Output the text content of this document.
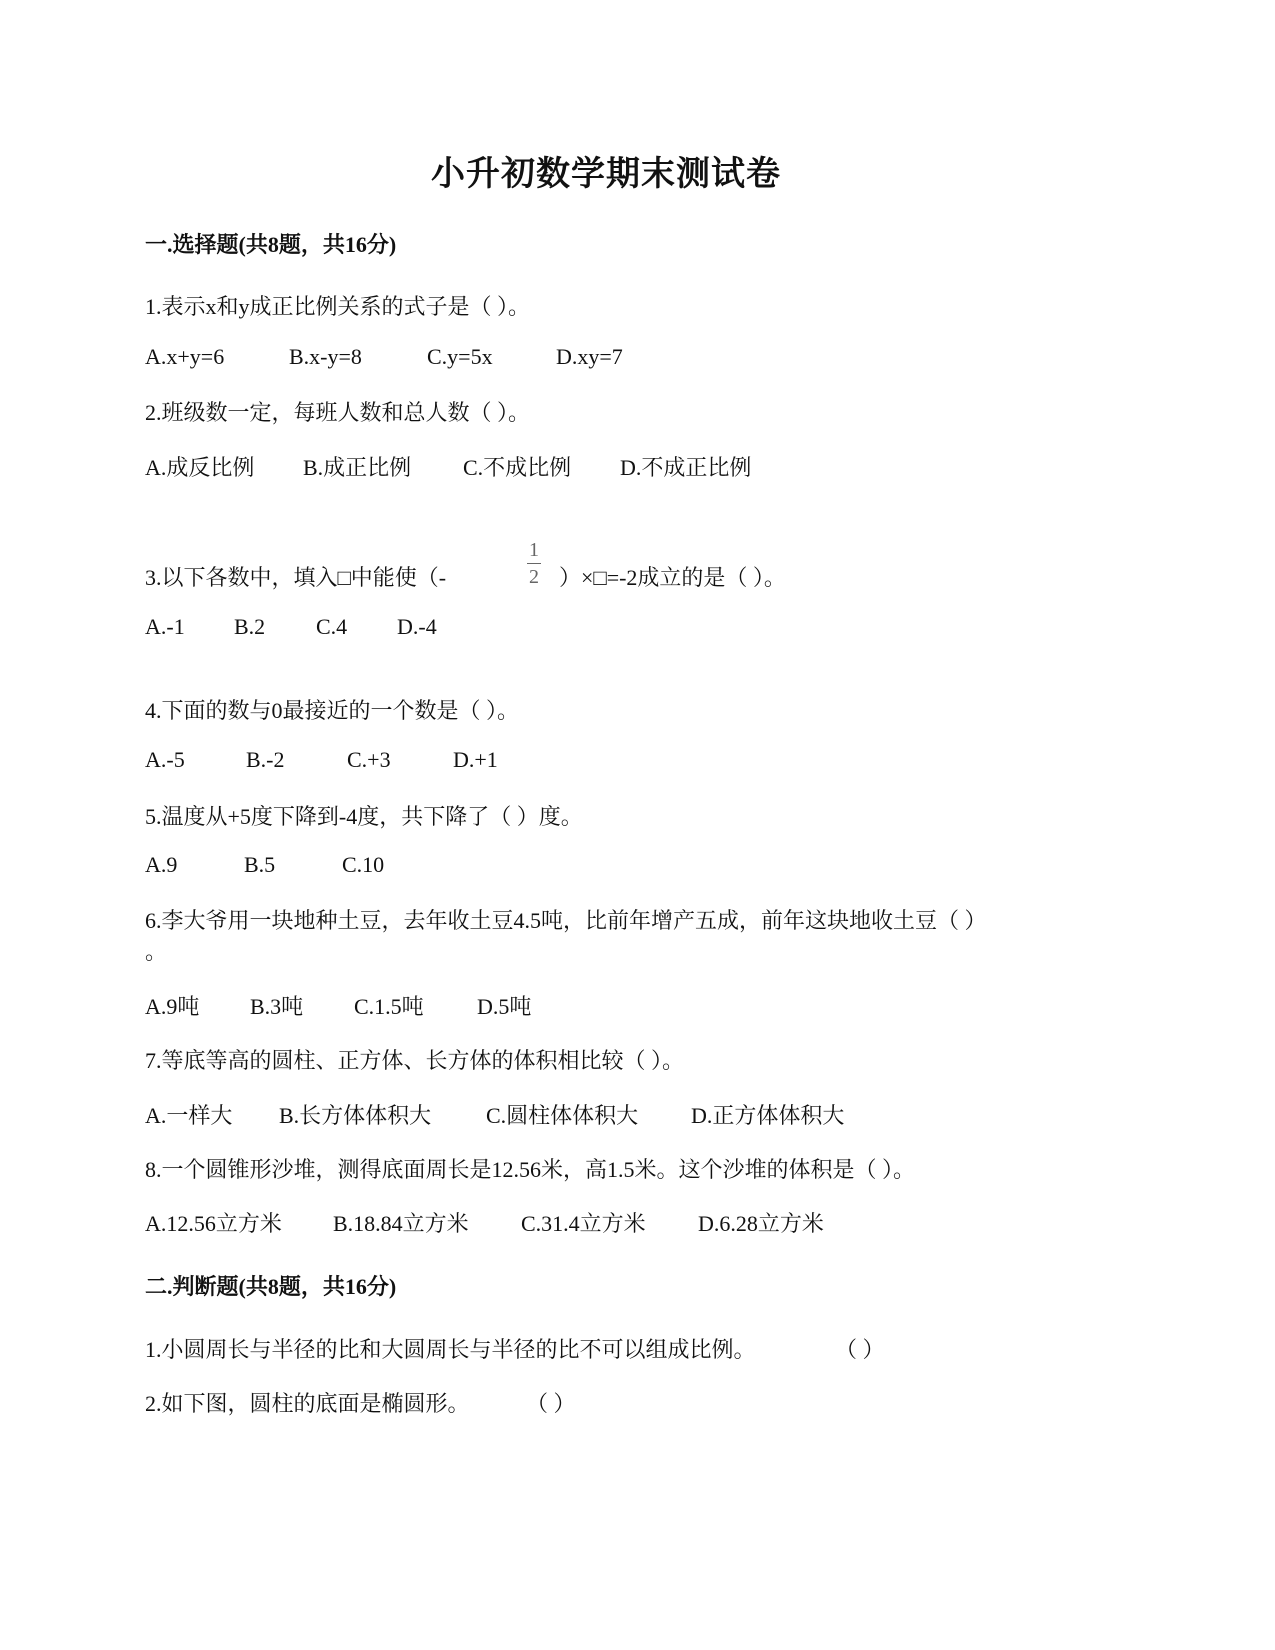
小升初数学期末测试卷
一.选择题(共8题，共16分)
1.表示x和y成正比例关系的式子是（ ）。
A.x+y=6	B.x-y=8	C.y=5x	D.xy=7
2.班级数一定，每班人数和总人数（ ）。
A.成反比例 B.成正比例 C.不成比例 D.不成正比例
3.以下各数中，填入□中能使（-
1
2 ）×□=-2成立的是（ ）。
A.-1 B.2 C.4 D.-4
4.下面的数与0最接近的一个数是（ ）。
A.-5	B.-2	C.+3	D.+1
5.温度从+5度下降到-4度，共下降了（ ）度。
A.9	B.5	C.10
6.李大爷用一块地种土豆，去年收土豆4.5吨，比前年增产五成，前年这块地收土豆（ ）
。
A.9吨 B.3吨 C.1.5吨 D.5吨
7.等底等高的圆柱、正方体、长方体的体积相比较（ ）。
A.一样大 B.长方体体积大 C.圆柱体体积大 D.正方体体积大
8.一个圆锥形沙堆，测得底面周长是12.56米，高1.5米。这个沙堆的体积是（ ）。
A.12.56立方米 B.18.84立方米 C.31.4立方米 D.6.28立方米
二.判断题(共8题，共16分)
1.小圆周长与半径的比和大圆周长与半径的比不可以组成比例。	（ ）
2.如下图，圆柱的底面是椭圆形。	（ ）
